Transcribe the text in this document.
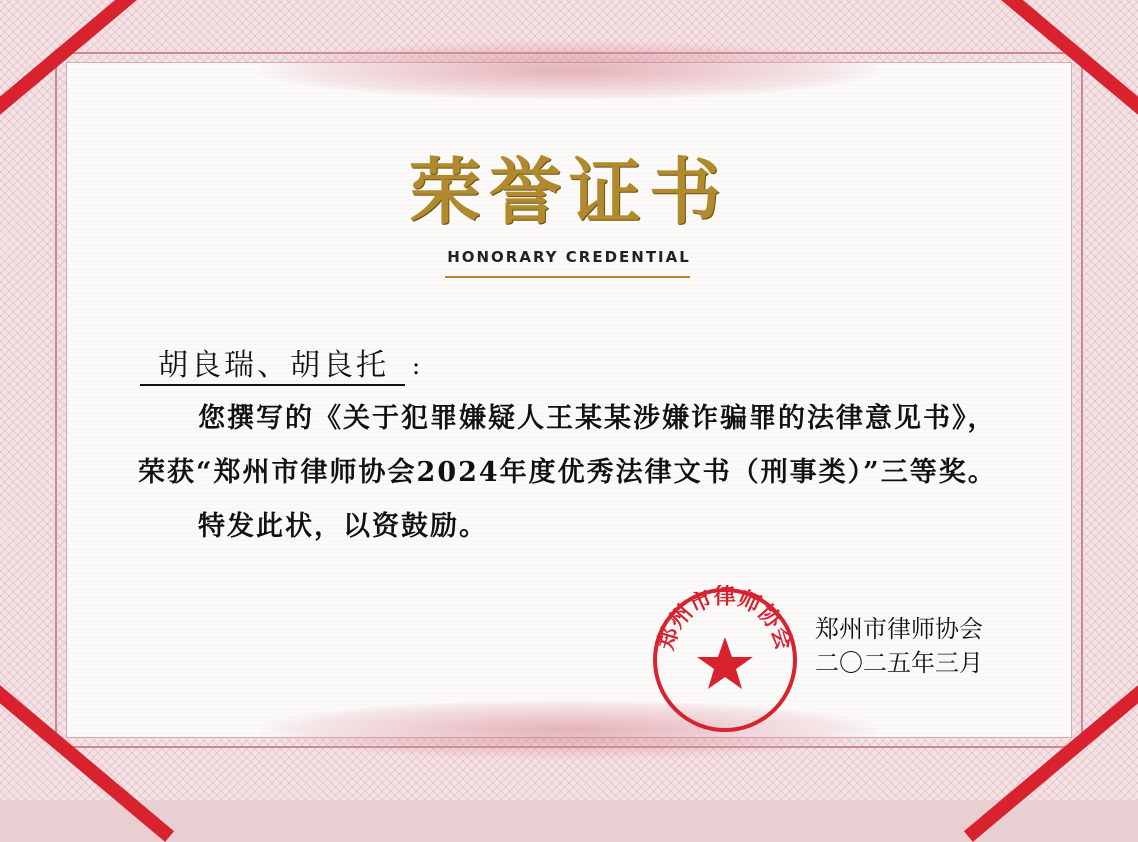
荣誉证书
HONORARY CREDENTIAL
胡良瑞、胡良托 :

您撰写的《关于犯罪嫌疑人王某某涉嫌诈骗罪的法律意见书》，荣获“郑州市律师协会2024年度优秀法律文书（刑事类）”三等奖。

特发此状，以资鼓励。

郑州市律师协会 郑州市律师协会
二〇二五年三月
